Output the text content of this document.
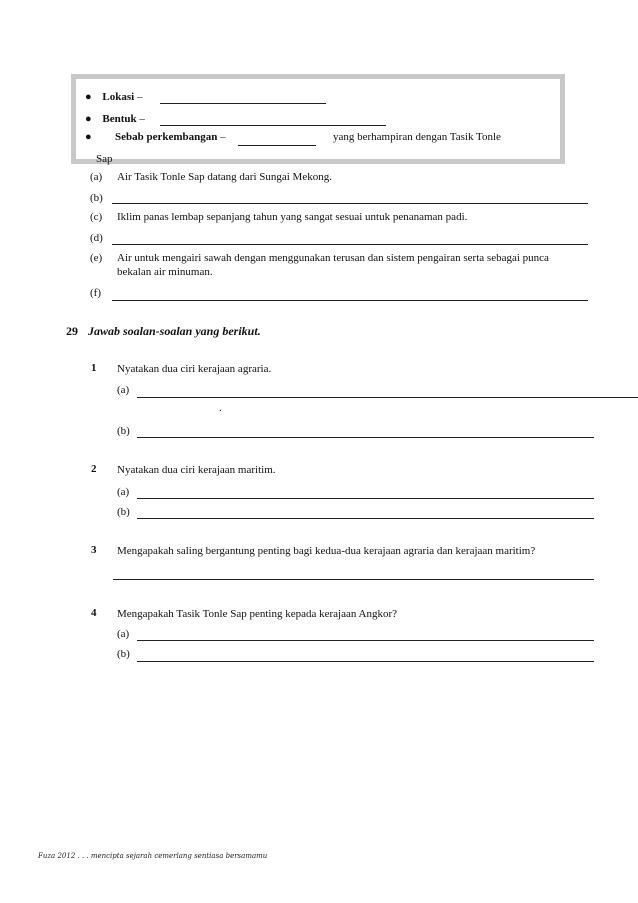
● Lokasi –
● Bentuk –
● Sebab perkembangan –	yang berhampiran dengan Tasik Tonle
Sap
(a) Air Tasik Tonle Sap datang dari Sungai Mekong.
(b)
(c) Iklim panas lembap sepanjang tahun yang sangat sesuai untuk penanaman padi.
(d)
(e) Air untuk mengairi sawah dengan menggunakan terusan dan sistem pengairan serta sebagai punca
bekalan air minuman.
(f)
29 Jawab soalan-soalan yang berikut.
1 Nyatakan dua ciri kerajaan agraria.
(a)
.
(b)
2 Nyatakan dua ciri kerajaan maritim.
(a)
(b)
3 Mengapakah saling bergantung penting bagi kedua-dua kerajaan agraria dan kerajaan maritim?
4 Mengapakah Tasik Tonle Sap penting kepada kerajaan Angkor?
(a)
(b)
Fuza 2012 . . . mencipta sejarah cemerlang sentiasa bersamamu
